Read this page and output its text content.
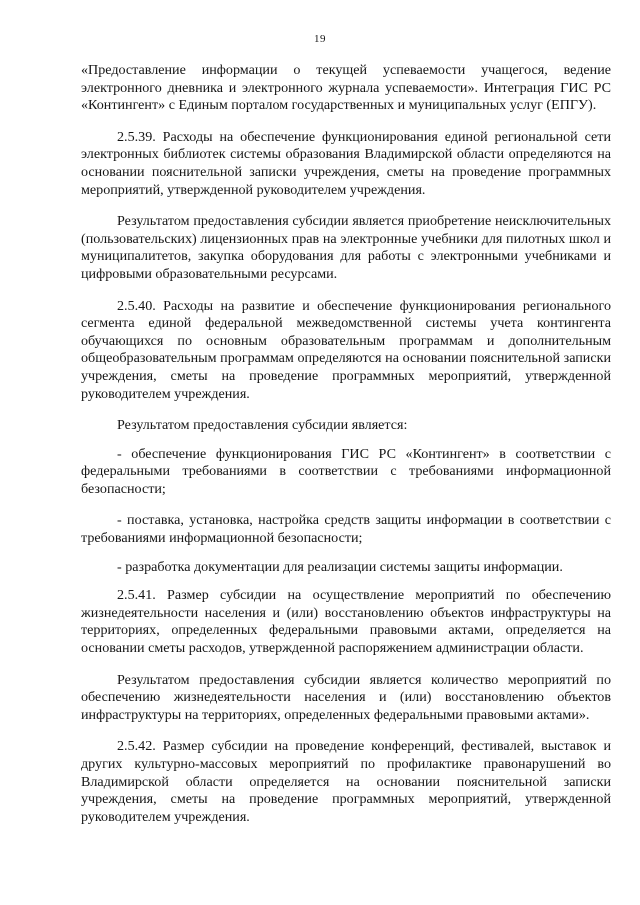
19

«Предоставление информации о текущей успеваемости учащегося, ведение электронного дневника и электронного журнала успеваемости». Интеграция ГИС РС «Контингент» с Единым порталом государственных и муниципальных услуг (ЕПГУ).

2.5.39. Расходы на обеспечение функционирования единой региональной сети электронных библиотек системы образования Владимирской области определяются на основании пояснительной записки учреждения, сметы на проведение программных мероприятий, утвержденной руководителем учреждения.

Результатом предоставления субсидии является приобретение неисключительных (пользовательских) лицензионных прав на электронные учебники для пилотных школ и муниципалитетов, закупка оборудования для работы с электронными учебниками и цифровыми образовательными ресурсами.

2.5.40. Расходы на развитие и обеспечение функционирования регионального сегмента единой федеральной межведомственной системы учета контингента обучающихся по основным образовательным программам и дополнительным общеобразовательным программам определяются на основании пояснительной записки учреждения, сметы на проведение программных мероприятий, утвержденной руководителем учреждения.

Результатом предоставления субсидии является:

- обеспечение функционирования ГИС РС «Контингент» в соответствии с федеральными требованиями в соответствии с требованиями информационной безопасности;

- поставка, установка, настройка средств защиты информации в соответствии с требованиями информационной безопасности;

- разработка документации для реализации системы защиты информации.

2.5.41. Размер субсидии на осуществление мероприятий по обеспечению жизнедеятельности населения и (или) восстановлению объектов инфраструктуры на территориях, определенных федеральными правовыми актами, определяется на основании сметы расходов, утвержденной распоряжением администрации области.

Результатом предоставления субсидии является количество мероприятий по обеспечению жизнедеятельности населения и (или) восстановлению объектов инфраструктуры на территориях, определенных федеральными правовыми актами».

2.5.42. Размер субсидии на проведение конференций, фестивалей, выставок и других культурно-массовых мероприятий по профилактике правонарушений во Владимирской области определяется на основании пояснительной записки учреждения, сметы на проведение программных мероприятий, утвержденной руководителем учреждения.
